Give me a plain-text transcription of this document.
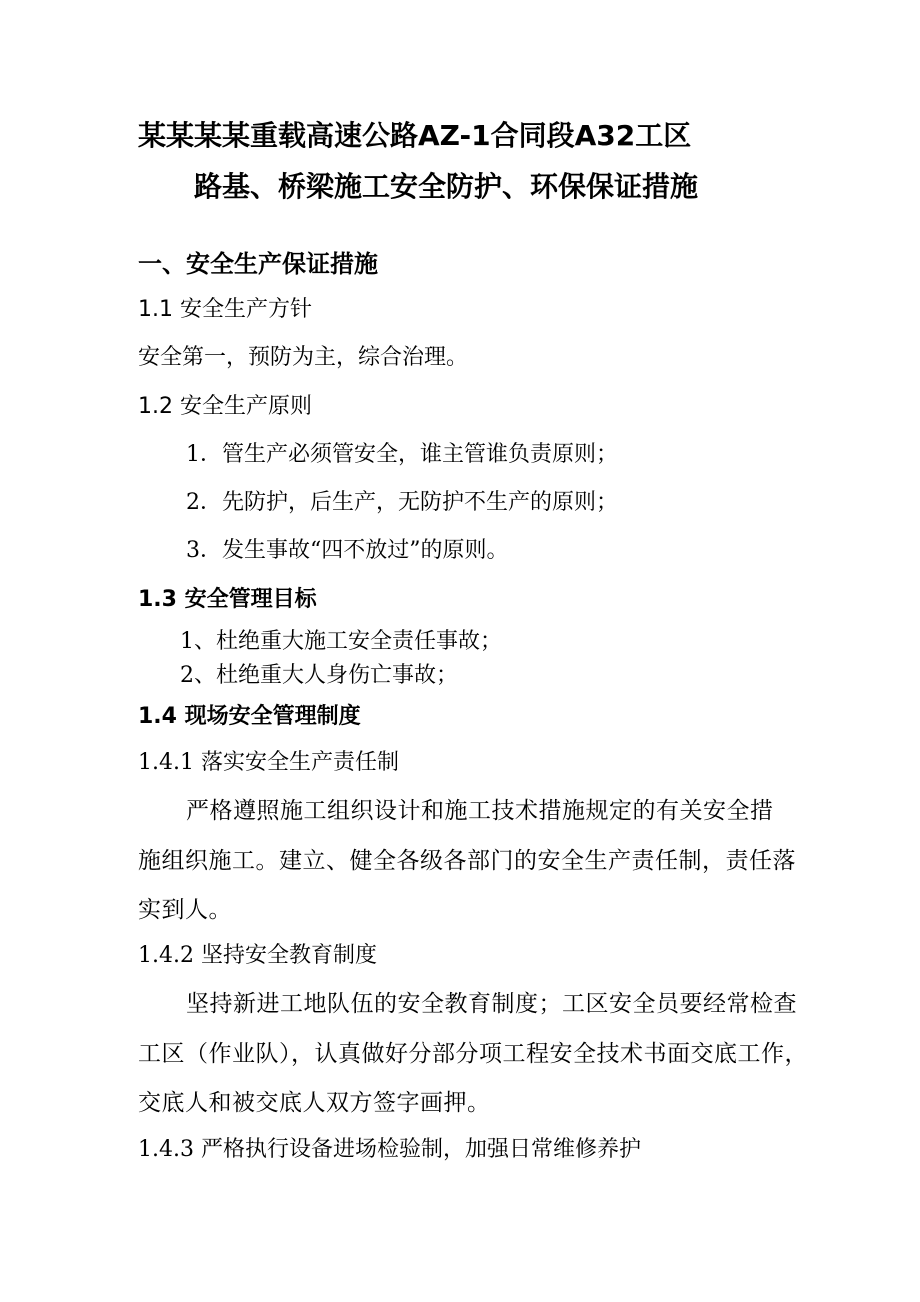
某某某某重载高速公路AZ-1合同段A32工区
路基、桥梁施工安全防护、环保保证措施
一、安全生产保证措施
1.1 安全生产方针
安全第一，预防为主，综合治理。
1.2 安全生产原则
1．管生产必须管安全，谁主管谁负责原则；
2．先防护，后生产，无防护不生产的原则；
3．发生事故“四不放过”的原则。
1.3 安全管理目标
1、杜绝重大施工安全责任事故；
2、杜绝重大人身伤亡事故；
1.4 现场安全管理制度
1.4.1 落实安全生产责任制
严格遵照施工组织设计和施工技术措施规定的有关安全措
施组织施工。建立、健全各级各部门的安全生产责任制，责任落
实到人。
1.4.2 坚持安全教育制度
坚持新进工地队伍的安全教育制度；工区安全员要经常检查
工区（作业队），认真做好分部分项工程安全技术书面交底工作，
交底人和被交底人双方签字画押。
1.4.3 严格执行设备进场检验制，加强日常维修养护
